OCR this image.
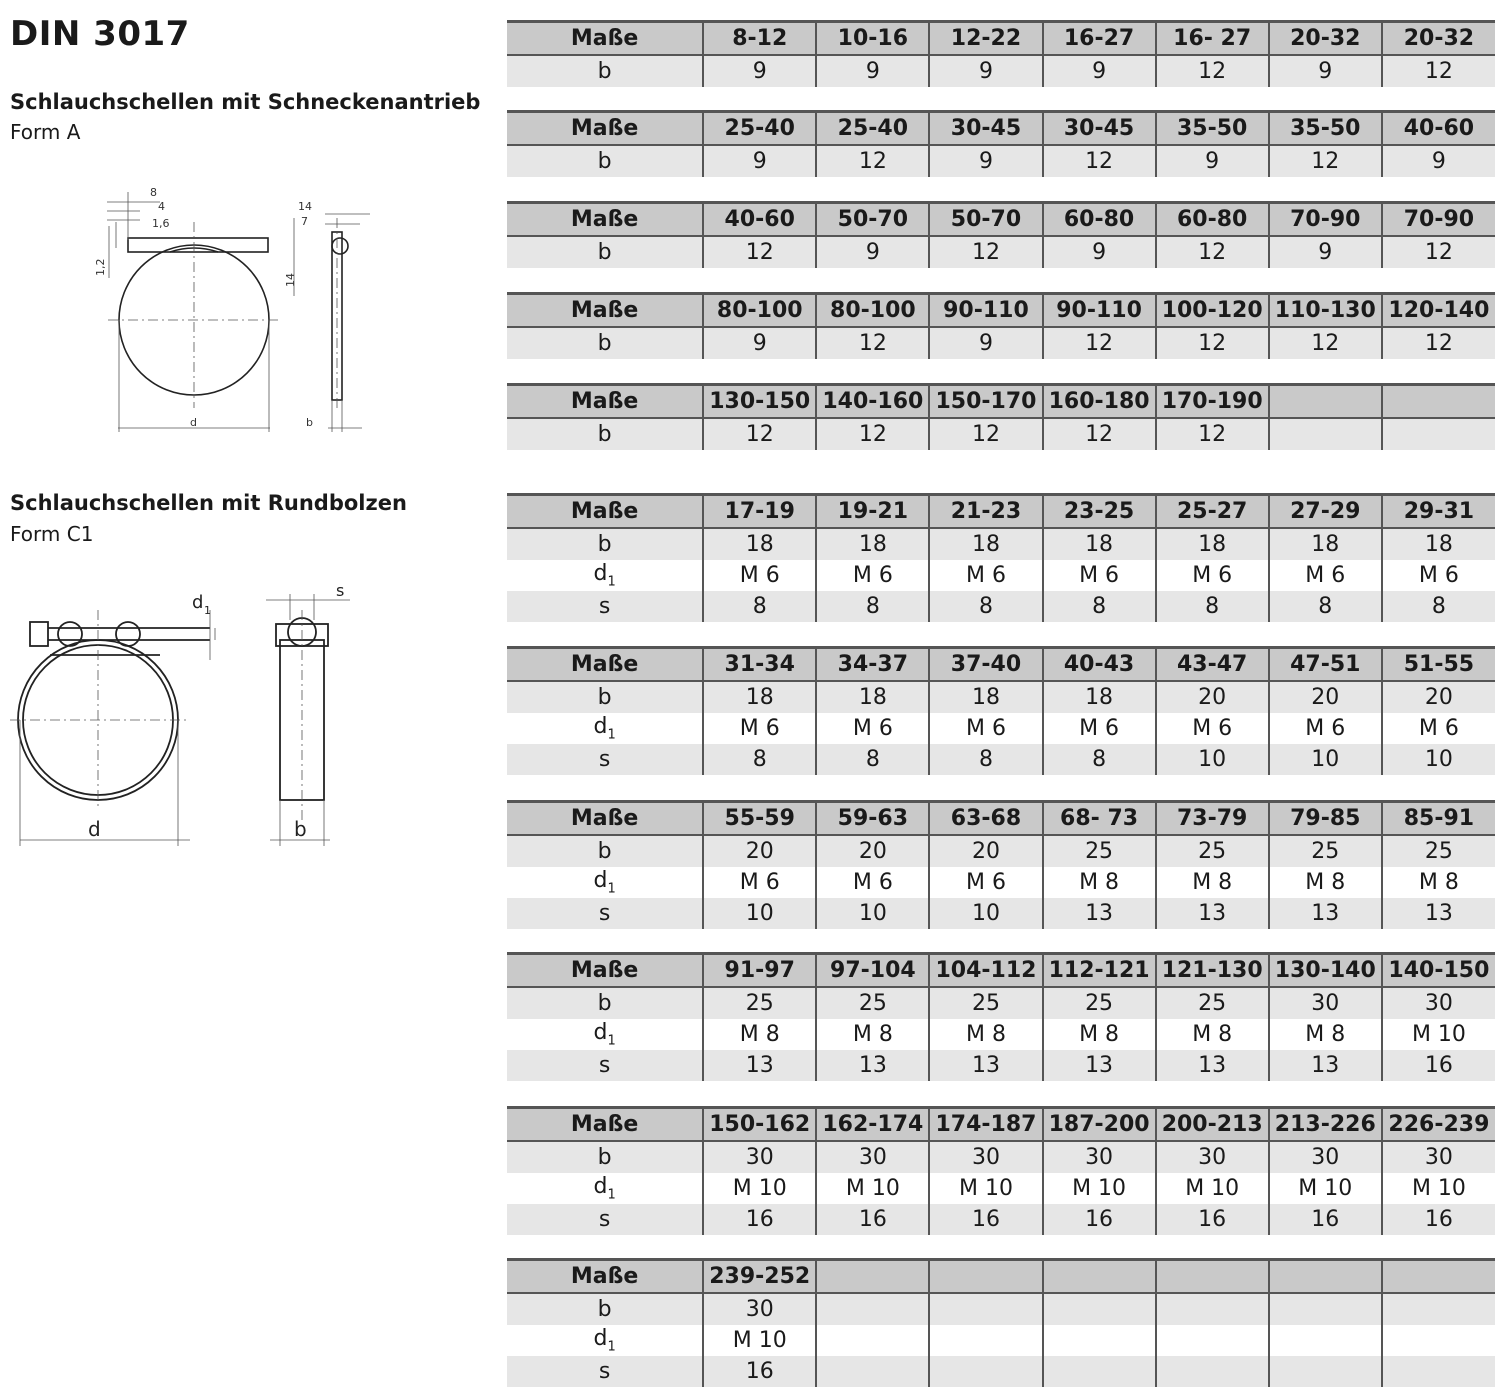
DIN 3017
Schlauchschellen mit Schneckenantrieb
Form A
Schlauchschellen mit Rundbolzen
Form C1
8
4
1,6
1,2
14
7
14
d	b
d 1
s
d	b
Maße	8-12	10-16	12-22	16-27	16- 27	20-32	20-32
b	9	9	9	9	12	9	12
Maße	25-40	25-40	30-45	30-45	35-50	35-50	40-60
b	9	12	9	12	9	12	9
Maße	40-60	50-70	50-70	60-80	60-80	70-90	70-90
b	12	9	12	9	12	9	12
Maße	80-100	80-100	90-110	90-110	100-120	110-130	120-140
b	9	12	9	12	12	12	12
Maße	130-150	140-160	150-170	160-180	170-190		
b	12	12	12	12	12		
Maße	17-19	19-21	21-23	23-25	25-27	27-29	29-31
b	18	18	18	18	18	18	18
$d_1$	M 6	M 6	M 6	M 6	M 6	M 6	M 6
s	8	8	8	8	8	8	8
Maße	31-34	34-37	37-40	40-43	43-47	47-51	51-55
b	18	18	18	18	20	20	20
$d_1$	M 6	M 6	M 6	M 6	M 6	M 6	M 6
s	8	8	8	8	10	10	10
Maße	55-59	59-63	63-68	68- 73	73-79	79-85	85-91
b	20	20	20	25	25	25	25
$d_1$	M 6	M 6	M 6	M 8	M 8	M 8	M 8
s	10	10	10	13	13	13	13
Maße	91-97	97-104	104-112	112-121	121-130	130-140	140-150
b	25	25	25	25	25	30	30
$d_1$	M 8	M 8	M 8	M 8	M 8	M 8	M 10
s	13	13	13	13	13	13	16
Maße	150-162	162-174	174-187	187-200	200-213	213-226	226-239
b	30	30	30	30	30	30	30
$d_1$	M 10	M 10	M 10	M 10	M 10	M 10	M 10
s	16	16	16	16	16	16	16
Maße	239-252						
b	30						
$d_1$	M 10						
s	16						
